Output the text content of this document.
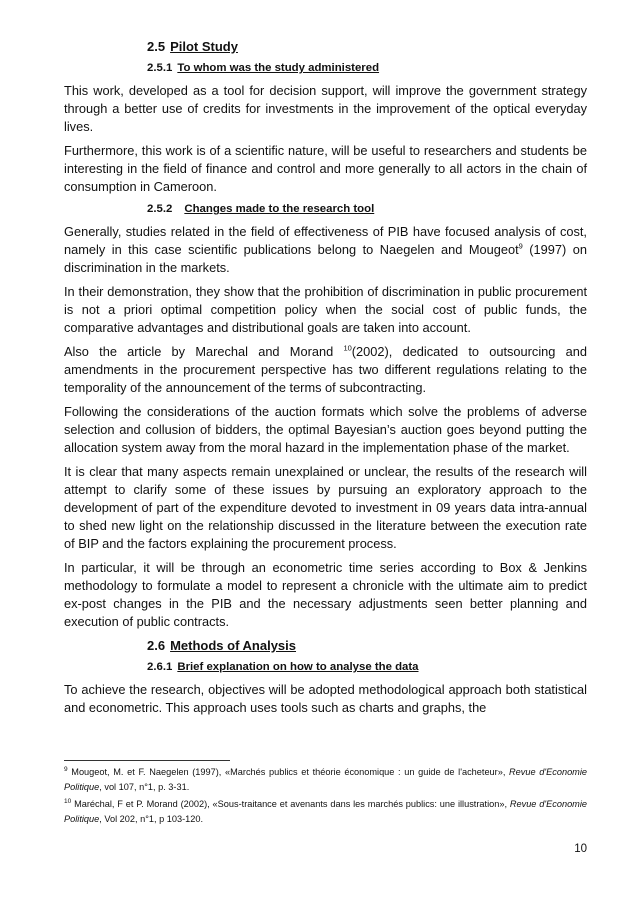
2.5 Pilot Study
2.5.1 To whom was the study administered

This work, developed as a tool for decision support, will improve the government strategy through a better use of credits for investments in the improvement of the optical everyday lives.

Furthermore, this work is of a scientific nature, will be useful to researchers and students be interesting in the field of finance and control and more generally to all actors in the chain of consumption in Cameroon.

2.5.2 Changes made to the research tool

Generally, studies related in the field of effectiveness of PIB have focused analysis of cost, namely in this case scientific publications belong to Naegelen and Mougeot$^9$ (1997) on discrimination in the markets.

In their demonstration, they show that the prohibition of discrimination in public procurement is not a priori optimal competition policy when the social cost of public funds, the comparative advantages and distributional goals are taken into account.

Also the article by Marechal and Morand $^{10}$(2002), dedicated to outsourcing and amendments in the procurement perspective has two different regulations relating to the temporality of the announcement of the terms of subcontracting.

Following the considerations of the auction formats which solve the problems of adverse selection and collusion of bidders, the optimal Bayesian’s auction goes beyond putting the allocation system away from the moral hazard in the implementation phase of the market.

It is clear that many aspects remain unexplained or unclear, the results of the research will attempt to clarify some of these issues by pursuing an exploratory approach to the development of part of the expenditure devoted to investment in 09 years data intra-annual to shed new light on the relationship discussed in the literature between the execution rate of BIP and the factors explaining the procurement process.

In particular, it will be through an econometric time series according to Box & Jenkins methodology to formulate a model to represent a chronicle with the ultimate aim to predict ex-post changes in the PIB and the necessary adjustments seen better planning and execution of public contracts.

2.6 Methods of Analysis
2.6.1 Brief explanation on how to analyse the data

To achieve the research, objectives will be adopted methodological approach both statistical and econometric. This approach uses tools such as charts and graphs, the

$^9$ Mougeot, M. et F. Naegelen (1997), «Marchés publics et théorie économique : un guide de l'acheteur», Revue d'Economie Politique, vol 107, n°1, p. 3-31.

$^{10}$ Maréchal, F et P. Morand (2002), «Sous-traitance et avenants dans les marchés publics: une illustration», Revue d'Economie Politique, Vol 202, n°1, p 103-120.

10
